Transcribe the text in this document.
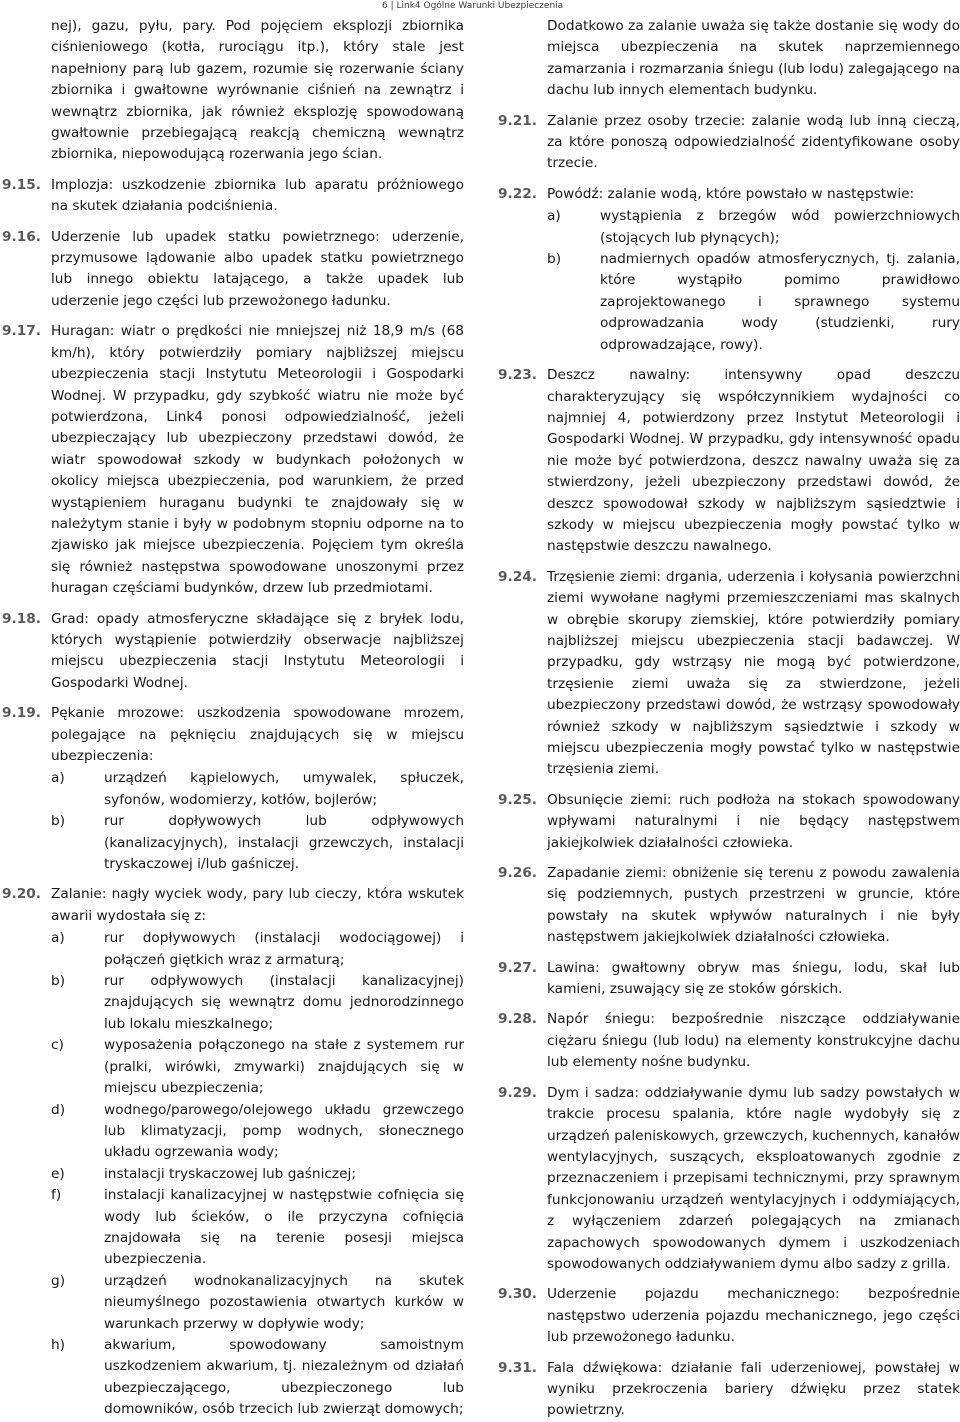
6 | Link4 Ogólne Warunki Ubezpieczenia

nej), gazu, pyłu, pary. Pod pojęciem eksplozji zbiornika ciśnieniowego (kotła, rurociągu itp.), który stale jest napełniony parą lub gazem, rozumie się rozerwanie ściany zbiornika i gwałtowne wyrównanie ciśnień na zewnątrz i wewnątrz zbiornika, jak również eksplozję spowodowaną gwałtownie przebiegającą reakcją chemiczną wewnątrz zbiornika, niepowodującą rozerwania jego ścian.

9.15. Implozja: uszkodzenie zbiornika lub aparatu próżniowego na skutek działania podciśnienia.
9.16. Uderzenie lub upadek statku powietrznego: uderzenie, przymusowe lądowanie albo upadek statku powietrznego lub innego obiektu latającego, a także upadek lub uderzenie jego części lub przewożonego ładunku.
9.17. Huragan: wiatr o prędkości nie mniejszej niż 18,9 m/s (68 km/h), który potwierdziły pomiary najbliższej miejscu ubezpieczenia stacji Instytutu Meteorologii i Gospodarki Wodnej. W przypadku, gdy szybkość wiatru nie może być potwierdzona, Link4 ponosi odpowiedzialność, jeżeli ubezpieczający lub ubezpieczony przedstawi dowód, że wiatr spowodował szkody w budynkach położonych w okolicy miejsca ubezpieczenia, pod warunkiem, że przed wystąpieniem huraganu budynki te znajdowały się w należytym stanie i były w podobnym stopniu odporne na to zjawisko jak miejsce ubezpieczenia. Pojęciem tym określa się również następstwa spowodowane unoszonymi przez huragan częściami budynków, drzew lub przedmiotami.
9.18. Grad: opady atmosferyczne składające się z bryłek lodu, których wystąpienie potwierdziły obserwacje najbliższej miejscu ubezpieczenia stacji Instytutu Meteorologii i Gospodarki Wodnej.
9.19. Pękanie mrozowe: uszkodzenia spowodowane mrozem, polegające na pęknięciu znajdujących się w miejscu ubezpieczenia:
a)	urządzeń kąpielowych, umywalek, spłuczek, syfonów, wodomierzy, kotłów, bojlerów;
b)	rur dopływowych lub odpływowych (kanalizacyjnych), instalacji grzewczych, instalacji tryskaczowej i/lub gaśniczej.
9.20. Zalanie: nagły wyciek wody, pary lub cieczy, która wskutek awarii wydostała się z:
a)	rur dopływowych (instalacji wodociągowej) i połączeń giętkich wraz z armaturą;
b)	rur odpływowych (instalacji kanalizacyjnej) znajdujących się wewnątrz domu jednorodzinnego lub lokalu mieszkalnego;
c)	wyposażenia połączonego na stałe z systemem rur (pralki, wirówki, zmywarki) znajdujących się w miejscu ubezpieczenia;
d)	wodnego/parowego/olejowego układu grzewczego lub klimatyzacji, pomp wodnych, słonecznego układu ogrzewania wody;
e)	instalacji tryskaczowej lub gaśniczej;
f)	instalacji kanalizacyjnej w następstwie cofnięcia się wody lub ścieków, o ile przyczyna cofnięcia znajdowała się na terenie posesji miejsca ubezpieczenia.
g)	urządzeń wodnokanalizacyjnych na skutek nieumyślnego pozostawienia otwartych kurków w warunkach przerwy w dopływie wody;
h)	akwarium, spowodowany samoistnym uszkodzeniem akwarium, tj. niezależnym od działań ubezpieczającego, ubezpieczonego lub domowników, osób trzecich lub zwierząt domowych;

Dodatkowo za zalanie uważa się także dostanie się wody do miejsca ubezpieczenia na skutek naprzemiennego zamarzania i rozmarzania śniegu (lub lodu) zalegającego na dachu lub innych elementach budynku.

9.21. Zalanie przez osoby trzecie: zalanie wodą lub inną cieczą, za które ponoszą odpowiedzialność zidentyfikowane osoby trzecie.
9.22. Powódź: zalanie wodą, które powstało w następstwie:
a)	wystąpienia z brzegów wód powierzchniowych (stojących lub płynących);
b)	nadmiernych opadów atmosferycznych, tj. zalania, które wystąpiło pomimo prawidłowo zaprojektowanego i sprawnego systemu odprowadzania wody (studzienki, rury odprowadzające, rowy).
9.23. Deszcz nawalny: intensywny opad deszczu charakteryzujący się współczynnikiem wydajności co najmniej 4, potwierdzony przez Instytut Meteorologii i Gospodarki Wodnej. W przypadku, gdy intensywność opadu nie może być potwierdzona, deszcz nawalny uważa się za stwierdzony, jeżeli ubezpieczony przedstawi dowód, że deszcz spowodował szkody w najbliższym sąsiedztwie i szkody w miejscu ubezpieczenia mogły powstać tylko w następstwie deszczu nawalnego.
9.24. Trzęsienie ziemi: drgania, uderzenia i kołysania powierzchni ziemi wywołane nagłymi przemieszczeniami mas skalnych w obrębie skorupy ziemskiej, które potwierdziły pomiary najbliższej miejscu ubezpieczenia stacji badawczej. W przypadku, gdy wstrząsy nie mogą być potwierdzone, trzęsienie ziemi uważa się za stwierdzone, jeżeli ubezpieczony przedstawi dowód, że wstrząsy spowodowały również szkody w najbliższym sąsiedztwie i szkody w miejscu ubezpieczenia mogły powstać tylko w następstwie trzęsienia ziemi.
9.25. Obsunięcie ziemi: ruch podłoża na stokach spowodowany wpływami naturalnymi i nie będący następstwem jakiejkolwiek działalności człowieka.
9.26. Zapadanie ziemi: obniżenie się terenu z powodu zawalenia się podziemnych, pustych przestrzeni w gruncie, które powstały na skutek wpływów naturalnych i nie były następstwem jakiejkolwiek działalności człowieka.
9.27. Lawina: gwałtowny obryw mas śniegu, lodu, skał lub kamieni, zsuwający się ze stoków górskich.
9.28. Napór śniegu: bezpośrednie niszczące oddziaływanie ciężaru śniegu (lub lodu) na elementy konstrukcyjne dachu lub elementy nośne budynku.
9.29. Dym i sadza: oddziaływanie dymu lub sadzy powstałych w trakcie procesu spalania, które nagle wydobyły się z urządzeń paleniskowych, grzewczych, kuchennych, kanałów wentylacyjnych, suszących, eksploatowanych zgodnie z przeznaczeniem i przepisami technicznymi, przy sprawnym funkcjonowaniu urządzeń wentylacyjnych i oddymiających, z wyłączeniem zdarzeń polegających na zmianach zapachowych spowodowanych dymem i uszkodzeniach spowodowanych oddziaływaniem dymu albo sadzy z grilla.
9.30. Uderzenie pojazdu mechanicznego: bezpośrednie następstwo uderzenia pojazdu mechanicznego, jego części lub przewożonego ładunku.
9.31. Fala dźwiękowa: działanie fali uderzeniowej, powstałej w wyniku przekroczenia bariery dźwięku przez statek powietrzny.
